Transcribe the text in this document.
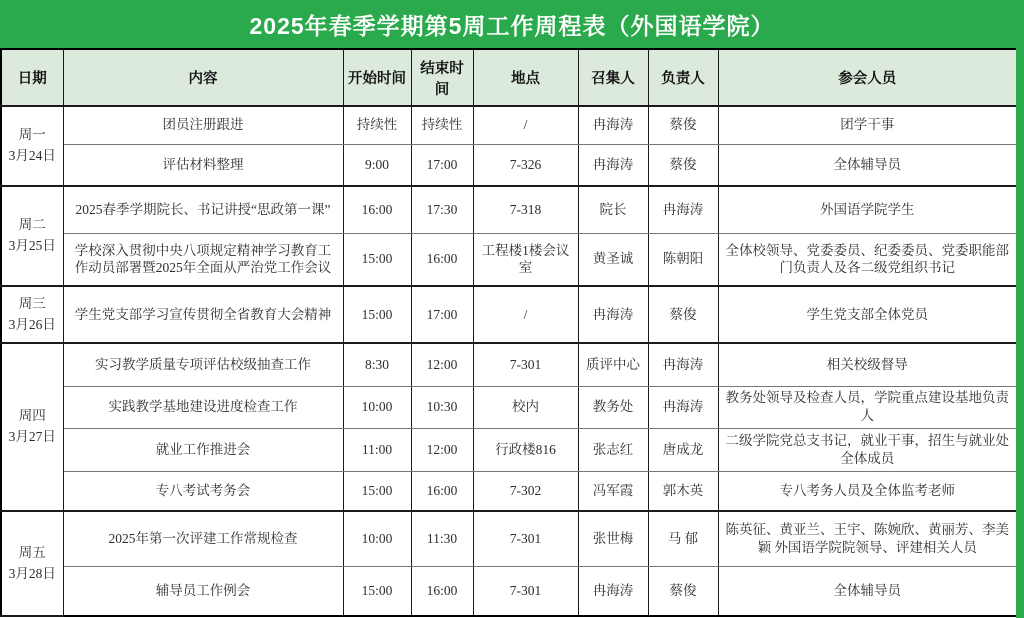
2025年春季学期第5周工作周程表（外国语学院）
日期	内容	开始时间	结束时间	地点	召集人	负责人	参会人员

周一
3月24日	团员注册跟进	持续性	持续性	/	冉海涛	蔡俊	团学干事
	评估材料整理	9:00	17:00	7-326	冉海涛	蔡俊	全体辅导员

周二
3月25日	2025春季学期院长、书记讲授“思政第一课”	16:00	17:30	7-318	院长	冉海涛	外国语学院学生
	学校深入贯彻中央八项规定精神学习教育工作动员部署暨2025年全面从严治党工作会议	15:00	16:00	工程楼1楼会议室	黄圣诚	陈朝阳	全体校领导、党委委员、纪委委员、党委职能部门负责人及各二级党组织书记

周三
3月26日	学生党支部学习宣传贯彻全省教育大会精神	15:00	17:00	/	冉海涛	蔡俊	学生党支部全体党员

周四
3月27日	实习教学质量专项评估校级抽查工作	8:30	12:00	7-301	质评中心	冉海涛	相关校级督导
	实践教学基地建设进度检查工作	10:00	10:30	校内	教务处	冉海涛	教务处领导及检查人员，学院重点建设基地负责人
	就业工作推进会	11:00	12:00	行政楼816	张志红	唐成龙	二级学院党总支书记，就业干事，招生与就业处全体成员
	专八考试考务会	15:00	16:00	7-302	冯军霞	郭木英	专八考务人员及全体监考老师

周五
3月28日	2025年第一次评建工作常规检查	10:00	11:30	7-301	张世梅	马 郁	陈英征、黄亚兰、王宇、陈婉欣、黄丽芳、李美颖 外国语学院院领导、评建相关人员
	辅导员工作例会	15:00	16:00	7-301	冉海涛	蔡俊	全体辅导员
